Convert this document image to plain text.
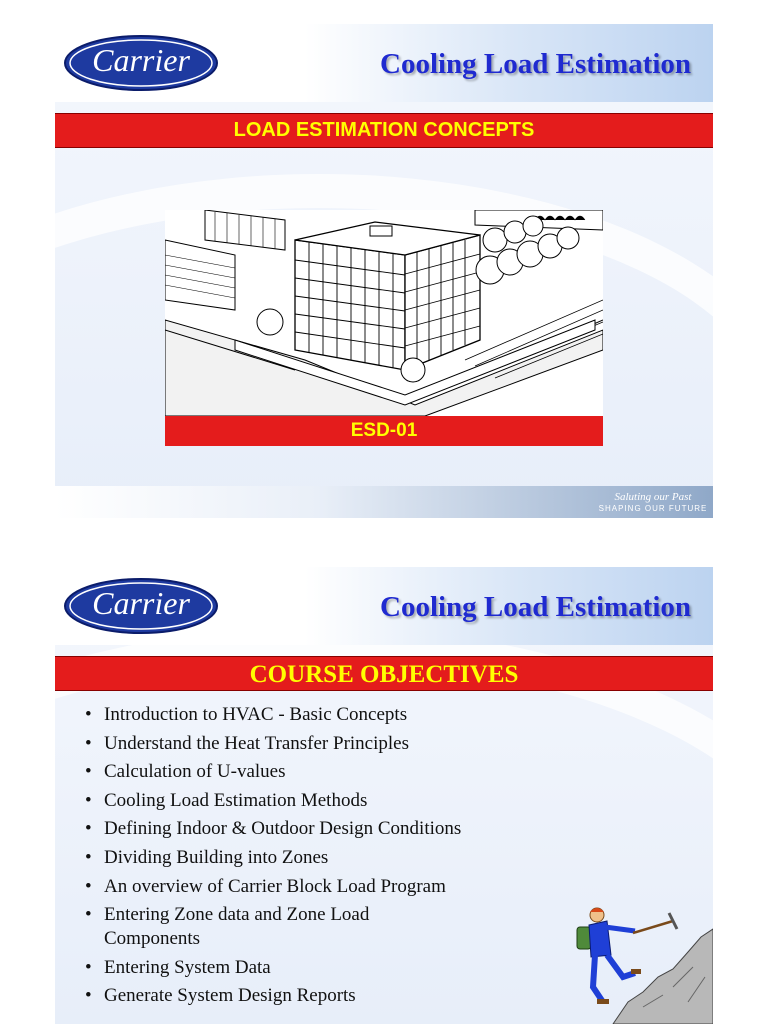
Carrier	Cooling Load Estimation
LOAD ESTIMATION CONCEPTS
ESD-01
Saluting our Past
SHAPING OUR FUTURE
Carrier	Cooling Load Estimation
COURSE OBJECTIVES
• Introduction to HVAC - Basic Concepts
• Understand the Heat Transfer Principles
• Calculation of U-values
• Cooling Load Estimation Methods
• Defining Indoor & Outdoor Design Conditions
• Dividing Building into Zones
• An overview of Carrier Block Load Program
• Entering Zone data and Zone Load Components
• Entering System Data
• Generate System Design Reports
